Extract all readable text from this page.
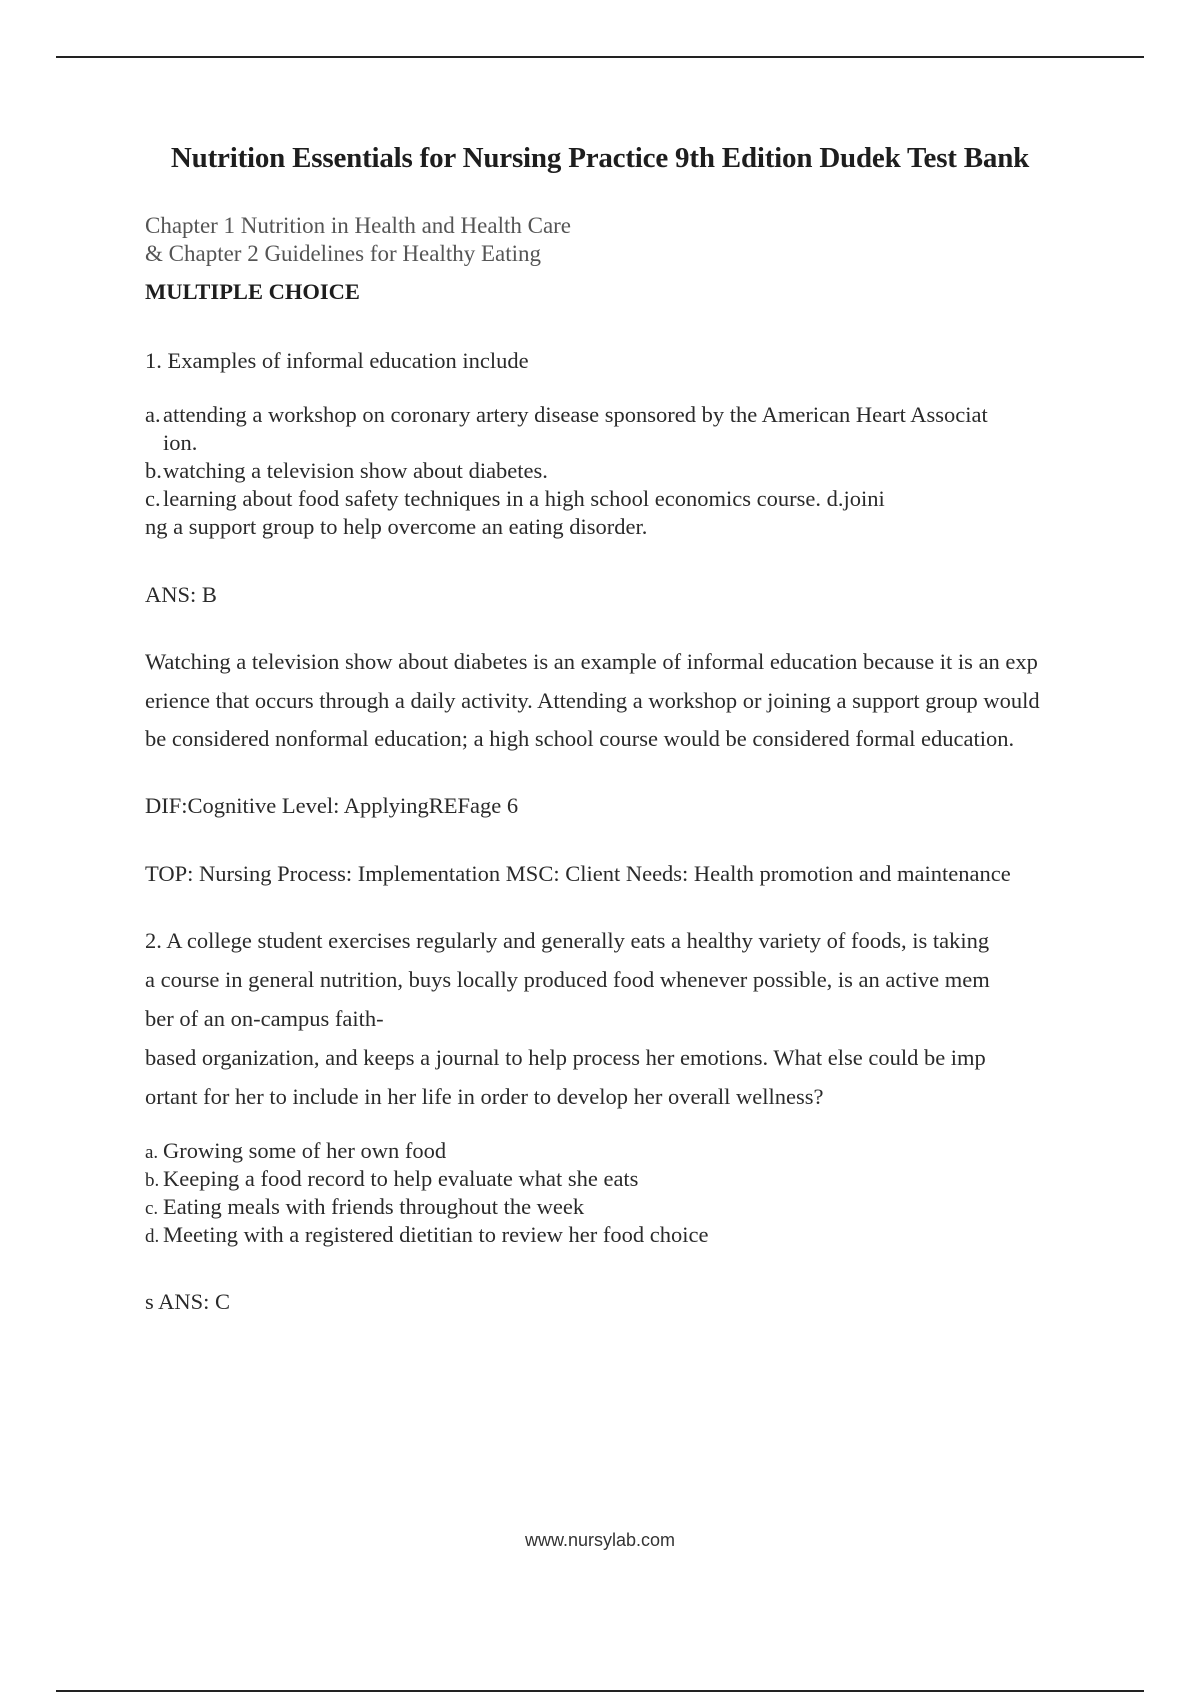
Nutrition Essentials for Nursing Practice 9th Edition Dudek Test Bank

Chapter 1 Nutrition in Health and Health Care

& Chapter 2 Guidelines for Healthy Eating

MULTIPLE CHOICE

1. Examples of informal education include

a. attending a workshop on coronary artery disease sponsored by the American Heart Associat

ion.

b.watching a television show about diabetes.

c. learning about food safety techniques in a high school economics course. d.joini

ng a support group to help overcome an eating disorder.

ANS: B

Watching a television show about diabetes is an example of informal education because it is an exp

erience that occurs through a daily activity. Attending a workshop or joining a support group would

be considered nonformal education; a high school course would be considered formal education.

DIF:Cognitive Level: ApplyingREFage 6

TOP: Nursing Process: Implementation MSC: Client Needs: Health promotion and maintenance

2. A college student exercises regularly and generally eats a healthy variety of foods, is taking

a course in general nutrition, buys locally produced food whenever possible, is an active mem

ber of an on-campus faith-

based organization, and keeps a journal to help process her emotions. What else could be imp

ortant for her to include in her life in order to develop her overall wellness?

a. Growing some of her own food

b. Keeping a food record to help evaluate what she eats

c. Eating meals with friends throughout the week

d. Meeting with a registered dietitian to review her food choice

s ANS: C

www.nursylab.com
